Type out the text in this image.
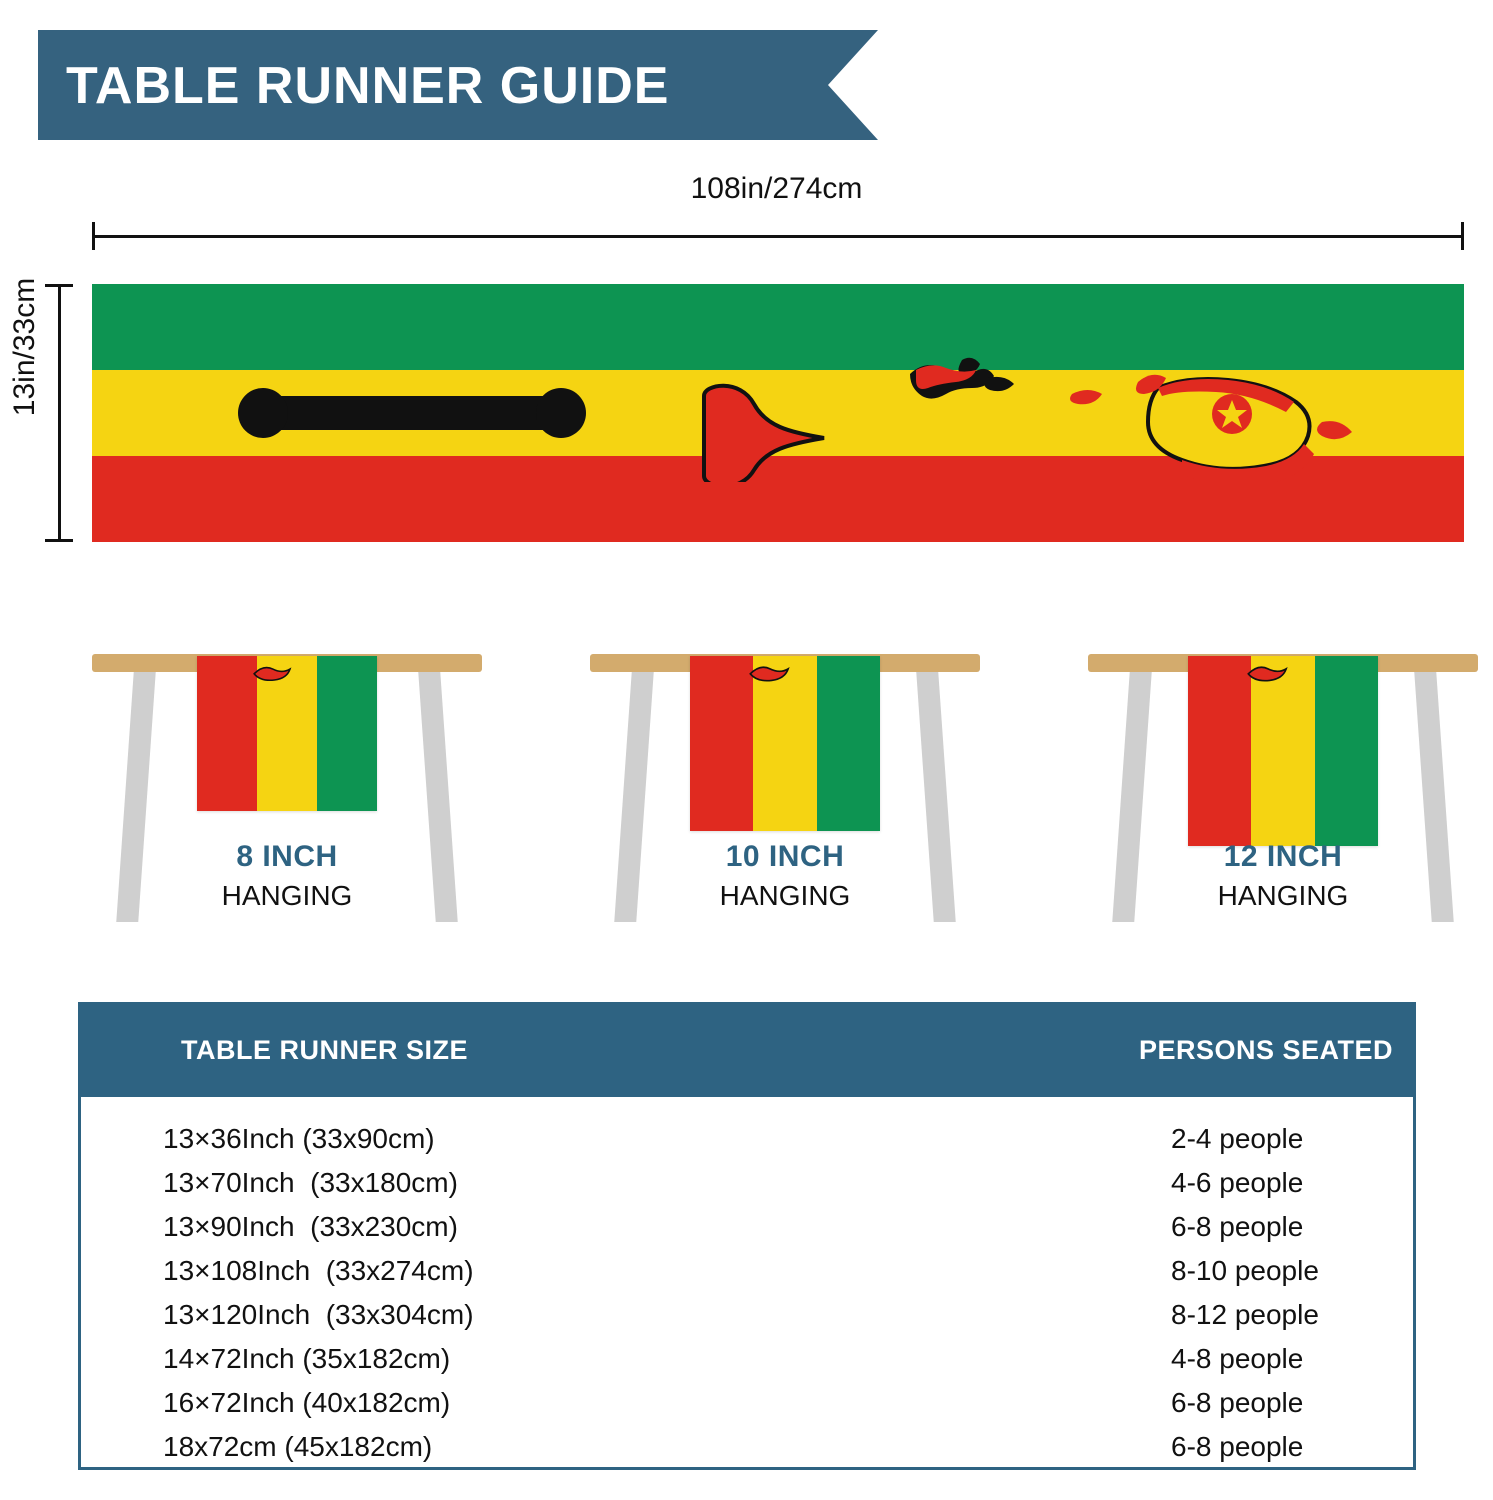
TABLE RUNNER GUIDE
108in/274cm
13in/33cm
8 INCH
HANGING
10 INCH
HANGING
12 INCH
HANGING
TABLE RUNNER SIZE	PERSONS SEATED
13×36Inch (33x90cm)	2-4 people
13×70Inch  (33x180cm)	4-6 people
13×90Inch  (33x230cm)	6-8 people
13×108Inch  (33x274cm)	8-10 people
13×120Inch  (33x304cm)	8-12 people
14×72Inch (35x182cm)	4-8 people
16×72Inch (40x182cm)	6-8 people
18x72cm (45x182cm)	6-8 people
